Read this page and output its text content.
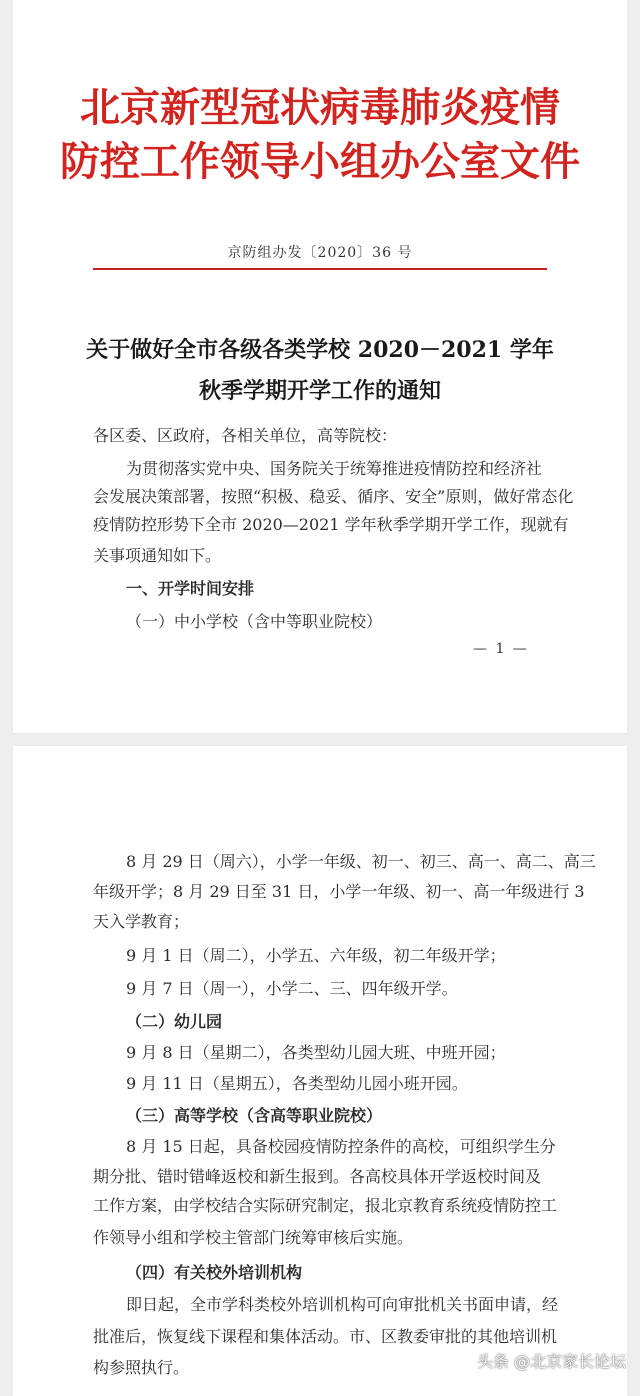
北京新型冠状病毒肺炎疫情
防控工作领导小组办公室文件
京防组办发〔2020〕36 号
关于做好全市各级各类学校 2020－2021 学年
秋季学期开学工作的通知
各区委、区政府，各相关单位，高等院校：
为贯彻落实党中央、国务院关于统筹推进疫情防控和经济社
会发展决策部署，按照“积极、稳妥、循序、安全”原则，做好常态化
疫情防控形势下全市 2020—2021 学年秋季学期开学工作，现就有
关事项通知如下。
一、开学时间安排
（一）中小学校（含中等职业院校）
— 1 —
8 月 29 日（周六），小学一年级、初一、初三、高一、高二、高三
年级开学；8 月 29 日至 31 日，小学一年级、初一、高一年级进行 3
天入学教育；
9 月 1 日（周二），小学五、六年级，初二年级开学；
9 月 7 日（周一），小学二、三、四年级开学。
（二）幼儿园
9 月 8 日（星期二），各类型幼儿园大班、中班开园；
9 月 11 日（星期五），各类型幼儿园小班开园。
（三）高等学校（含高等职业院校）
8 月 15 日起，具备校园疫情防控条件的高校，可组织学生分
期分批、错时错峰返校和新生报到。各高校具体开学返校时间及
工作方案，由学校结合实际研究制定，报北京教育系统疫情防控工
作领导小组和学校主管部门统筹审核后实施。
（四）有关校外培训机构
即日起，全市学科类校外培训机构可向审批机关书面申请，经
批准后，恢复线下课程和集体活动。市、区教委审批的其他培训机
构参照执行。	头条 @北京家长论坛
